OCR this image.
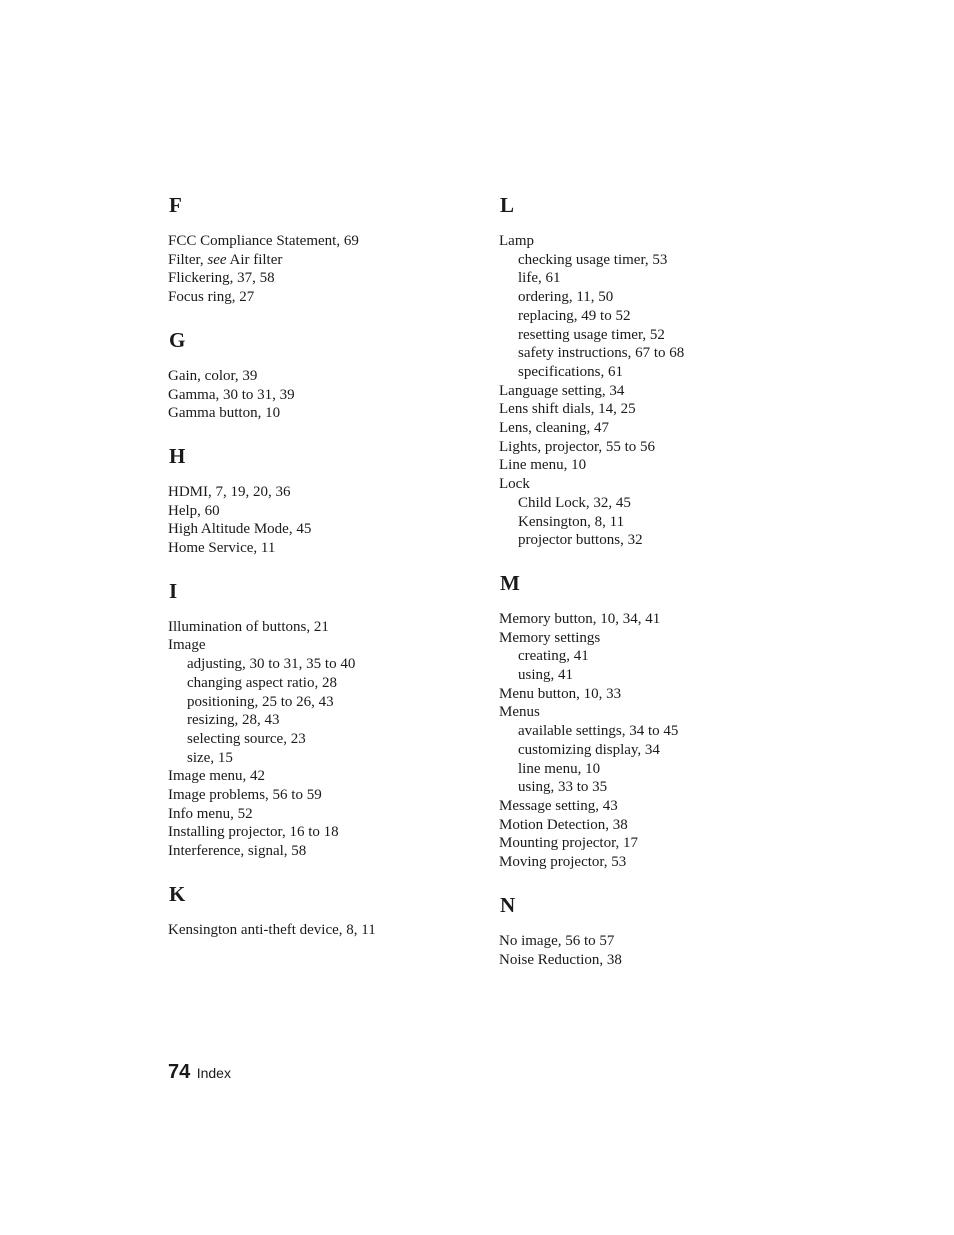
F
FCC Compliance Statement, 69
Filter, see Air filter
Flickering, 37, 58
Focus ring, 27
G
Gain, color, 39
Gamma, 30 to 31, 39
Gamma button, 10
H
HDMI, 7, 19, 20, 36
Help, 60
High Altitude Mode, 45
Home Service, 11
I
Illumination of buttons, 21
Image
adjusting, 30 to 31, 35 to 40
changing aspect ratio, 28
positioning, 25 to 26, 43
resizing, 28, 43
selecting source, 23
size, 15
Image menu, 42
Image problems, 56 to 59
Info menu, 52
Installing projector, 16 to 18
Interference, signal, 58
K
Kensington anti-theft device, 8, 11
L
Lamp
checking usage timer, 53
life, 61
ordering, 11, 50
replacing, 49 to 52
resetting usage timer, 52
safety instructions, 67 to 68
specifications, 61
Language setting, 34
Lens shift dials, 14, 25
Lens, cleaning, 47
Lights, projector, 55 to 56
Line menu, 10
Lock
Child Lock, 32, 45
Kensington, 8, 11
projector buttons, 32
M
Memory button, 10, 34, 41
Memory settings
creating, 41
using, 41
Menu button, 10, 33
Menus
available settings, 34 to 45
customizing display, 34
line menu, 10
using, 33 to 35
Message setting, 43
Motion Detection, 38
Mounting projector, 17
Moving projector, 53
N
No image, 56 to 57
Noise Reduction, 38
74 Index
